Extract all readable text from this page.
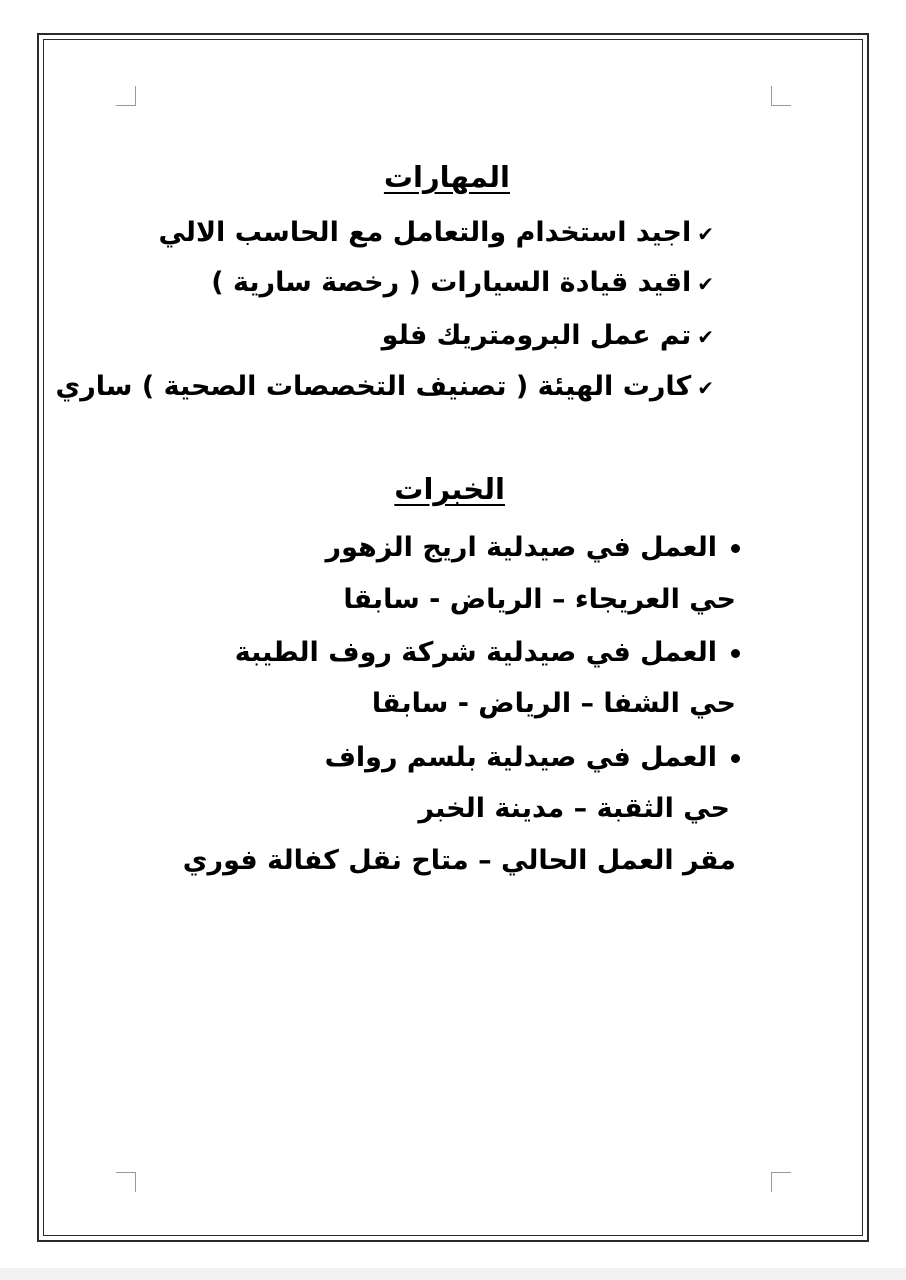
المهارات
✔اجيد استخدام والتعامل مع الحاسب الالي
✔اقيد قيادة السيارات ( رخصة سارية )
✔تم عمل البرومتريك فلو
✔كارت الهيئة ( تصنيف التخصصات الصحية ) ساري
الخبرات
العمل في صيدلية اريج الزهور
حي العريجاء – الرياض - سابقا
العمل في صيدلية شركة روف الطيبة
حي الشفا – الرياض - سابقا
العمل في صيدلية بلسم رواف
حي الثقبة – مدينة الخبر
مقر العمل الحالي – متاح نقل كفالة فوري
